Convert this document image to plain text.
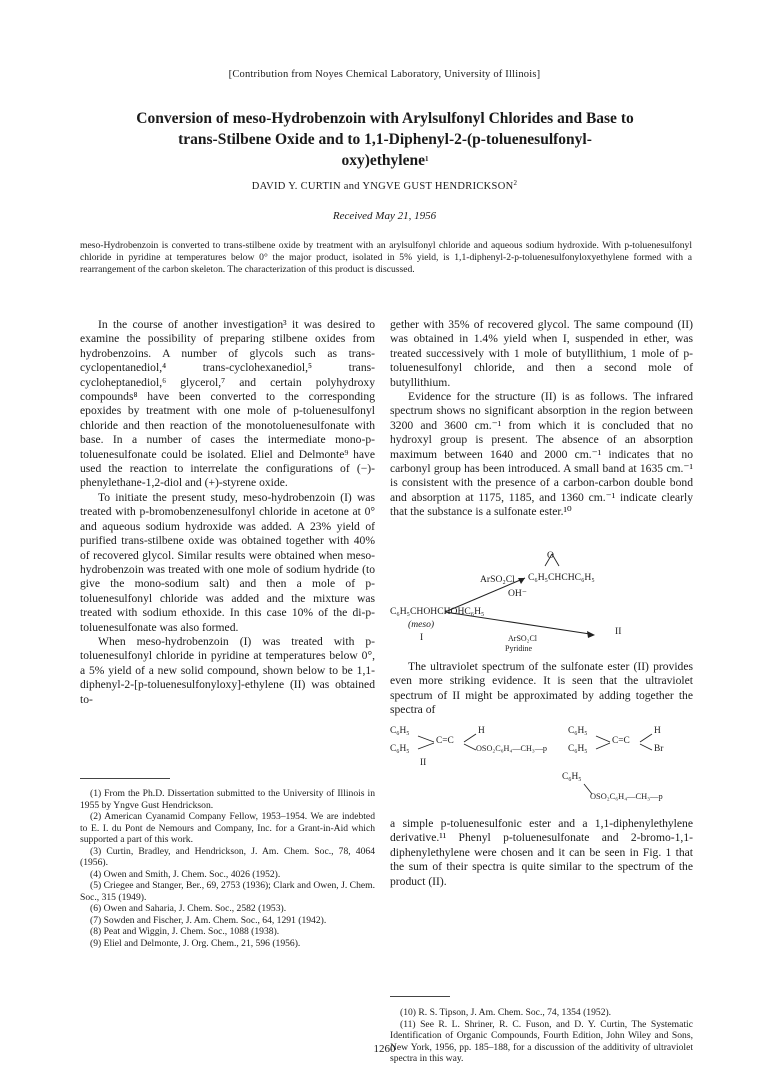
[Contribution from Noyes Chemical Laboratory, University of Illinois]
Conversion of meso-Hydrobenzoin with Arylsulfonyl Chlorides and Base to
trans-Stilbene Oxide and to 1,1-Diphenyl-2-(p-toluenesulfonyl-
oxy)ethylene$^1$
DAVID Y. CURTIN and YNGVE GUST HENDRICKSON$^2$
Received May 21, 1956
meso-Hydrobenzoin is converted to trans-stilbene oxide by treatment with an arylsulfonyl chloride and aqueous sodium hydroxide. With p-toluenesulfonyl chloride in pyridine at temperatures below 0° the major product, isolated in 5% yield, is 1,1-diphenyl-2-p-toluenesulfonyloxyethylene formed with a rearrangement of the carbon skeleton. The characterization of this product is discussed.

In the course of another investigation³ it was desired to examine the possibility of preparing stilbene oxides from hydrobenzoins. A number of glycols such as trans-cyclopentanediol,⁴ trans-cyclohexanediol,⁵ trans-cycloheptanediol,⁶ glycerol,⁷ and certain polyhydroxy compounds⁸ have been converted to the corresponding epoxides by treatment with one mole of p-toluenesulfonyl chloride and then reaction of the monotoluenesulfonate with base. In a number of cases the intermediate mono-p-toluenesulfonate could be isolated. Eliel and Delmonte⁹ have used the reaction to interrelate the configurations of (−)-phenylethane-1,2-diol and (+)-styrene oxide.

To initiate the present study, meso-hydrobenzoin (I) was treated with p-bromobenzenesulfonyl chloride in acetone at 0° and aqueous sodium hydroxide was added. A 23% yield of purified trans-stilbene oxide was obtained together with 40% of recovered glycol. Similar results were obtained when meso-hydrobenzoin was treated with one mole of sodium hydride (to give the mono-sodium salt) and then a mole of p-toluenesulfonyl chloride was added and the mixture was treated with sodium ethoxide. In this case 10% of the di-p-toluenesulfonate was also formed.

When meso-hydrobenzoin (I) was treated with p-toluenesulfonyl chloride in pyridine at temperatures below 0°, a 5% yield of a new solid compound, shown below to be 1,1-diphenyl-2-[p-toluenesulfonyloxy]-ethylene (II) was obtained to-

(1) From the Ph.D. Dissertation submitted to the University of Illinois in 1955 by Yngve Gust Hendrickson.
(2) American Cyanamid Company Fellow, 1953–1954. We are indebted to E. I. du Pont de Nemours and Company, Inc. for a Grant-in-Aid which supported a part of this work.
(3) Curtin, Bradley, and Hendrickson, J. Am. Chem. Soc., 78, 4064 (1956).
(4) Owen and Smith, J. Chem. Soc., 4026 (1952).
(5) Criegee and Stanger, Ber., 69, 2753 (1936); Clark and Owen, J. Chem. Soc., 315 (1949).
(6) Owen and Saharia, J. Chem. Soc., 2582 (1953).
(7) Sowden and Fischer, J. Am. Chem. Soc., 64, 1291 (1942).
(8) Peat and Wiggin, J. Chem. Soc., 1088 (1938).
(9) Eliel and Delmonte, J. Org. Chem., 21, 596 (1956).

gether with 35% of recovered glycol. The same compound (II) was obtained in 1.4% yield when I, suspended in ether, was treated successively with 1 mole of butyllithium, 1 mole of p-toluenesulfonyl chloride, and then a second mole of butyllithium.

Evidence for the structure (II) is as follows. The infrared spectrum shows no significant absorption in the region between 3200 and 3600 cm.⁻¹ from which it is concluded that no hydroxyl group is present. The absence of an absorption maximum between 1640 and 2000 cm.⁻¹ indicates that no carbonyl group has been introduced. A small band at 1635 cm.⁻¹ is consistent with the presence of a carbon-carbon double bond and absorption at 1175, 1185, and 1360 cm.⁻¹ indicate clearly that the substance is a sulfonate ester.¹⁰

O
ArSO₂Cl C₆H₅CHCHC₆H₅
OH⁻
C₆H₅CHOHCHOHC₆H₅
(meso)
I	ArSO₂Cl
Pyridine
II

The ultraviolet spectrum of the sulfonate ester (II) provides even more striking evidence. It is seen that the ultraviolet spectrum of II might be approximated by adding together the spectra of

C₆H₅
C₆H₅
C=C
H
OSO₂C₆H₄—CH₃—p
II
C₆H₅
C₆H₅
C=C
H
Br
C₆H₅
OSO₂C₆H₄—CH₃—p

a simple p-toluenesulfonic ester and a 1,1-diphenylethylene derivative.¹¹ Phenyl p-toluenesulfonate and 2-bromo-1,1-diphenylethylene were chosen and it can be seen in Fig. 1 that the sum of their spectra is quite similar to the spectrum of the product (II).

(10) R. S. Tipson, J. Am. Chem. Soc., 74, 1354 (1952).
(11) See R. L. Shriner, R. C. Fuson, and D. Y. Curtin, The Systematic Identification of Organic Compounds, Fourth Edition, John Wiley and Sons, New York, 1956, pp. 185–188, for a discussion of the additivity of ultraviolet spectra in this way.
1260
